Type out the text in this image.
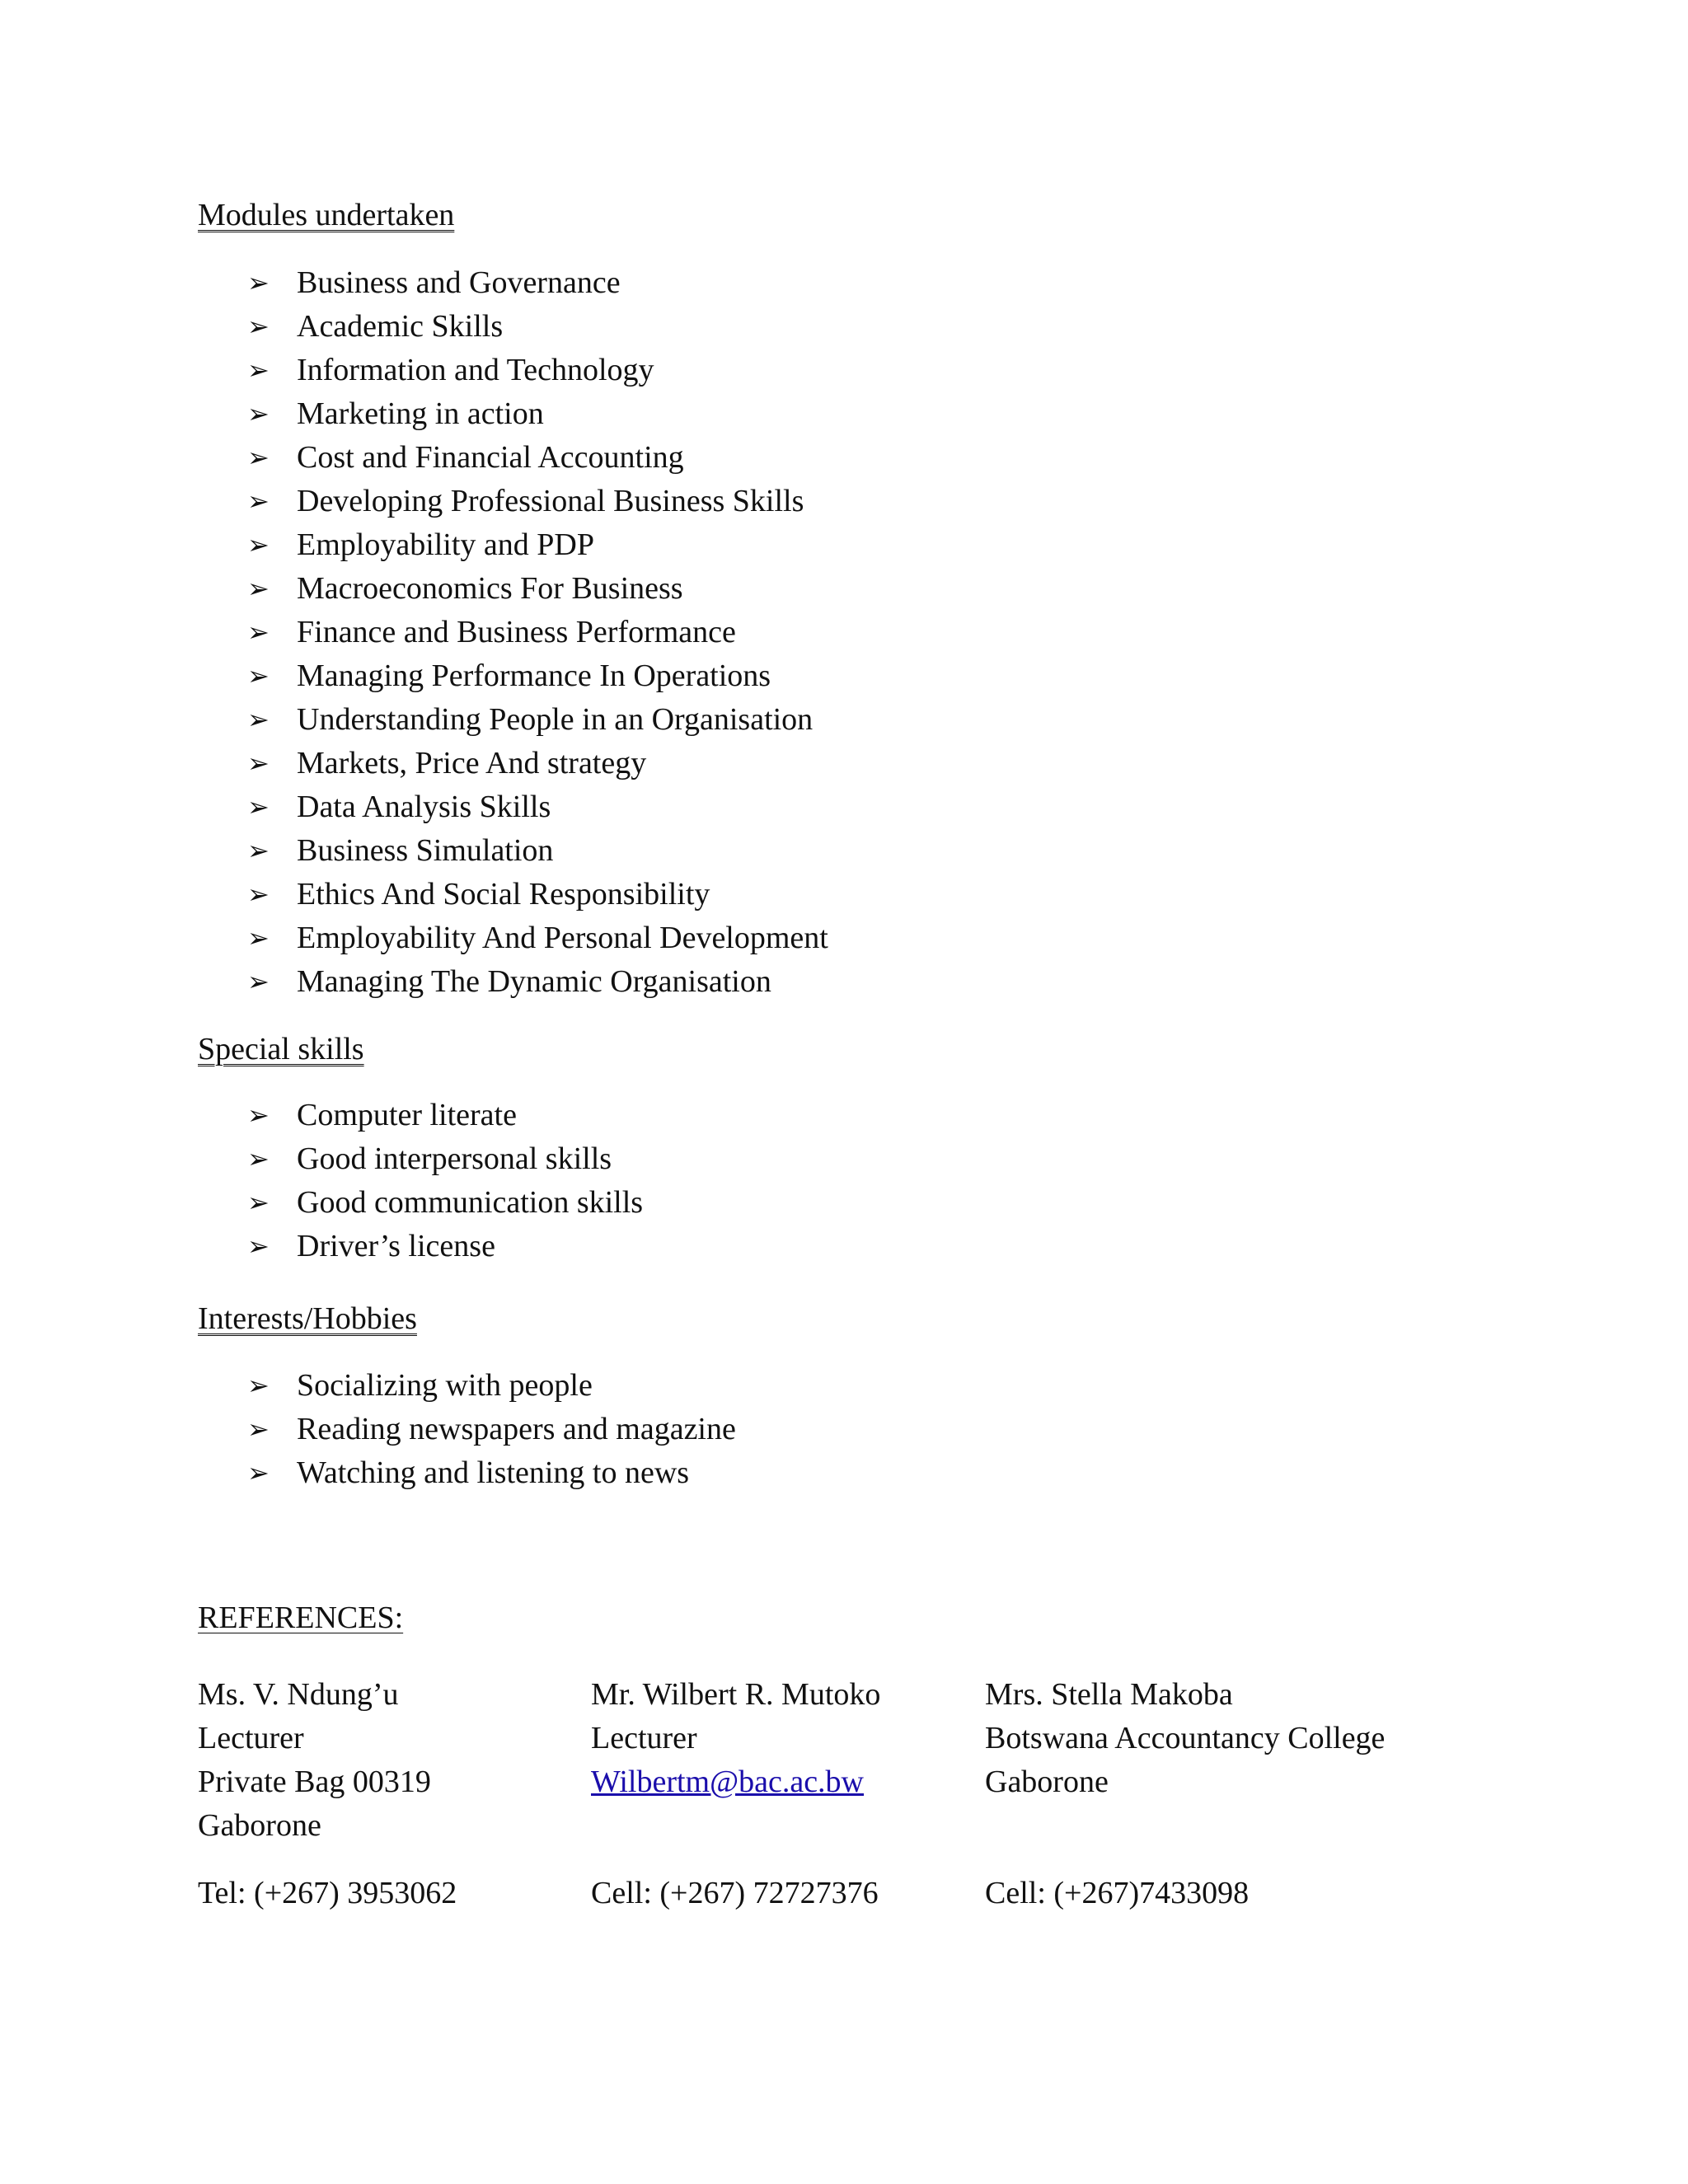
Modules undertaken
➢ Business and Governance
➢ Academic Skills
➢ Information and Technology
➢ Marketing in action
➢ Cost and Financial Accounting
➢ Developing Professional Business Skills
➢ Employability and PDP
➢ Macroeconomics For Business
➢ Finance and Business Performance
➢ Managing Performance In Operations
➢ Understanding People in an Organisation
➢ Markets, Price And strategy
➢ Data Analysis Skills
➢ Business Simulation
➢ Ethics And Social Responsibility
➢ Employability And Personal Development
➢ Managing The Dynamic Organisation
Special skills
➢ Computer literate
➢ Good interpersonal skills
➢ Good communication skills
➢ Driver’s license
Interests/Hobbies
➢ Socializing with people
➢ Reading newspapers and magazine
➢ Watching and listening to news
REFERENCES:
Ms. V. Ndung’u
Lecturer
Private Bag 00319
Gaborone
Mr. Wilbert R. Mutoko
Lecturer
Wilbertm@bac.ac.bw
Mrs. Stella Makoba
Botswana Accountancy College
Gaborone
Tel: (+267) 3953062	Cell: (+267) 72727376	Cell: (+267)7433098
